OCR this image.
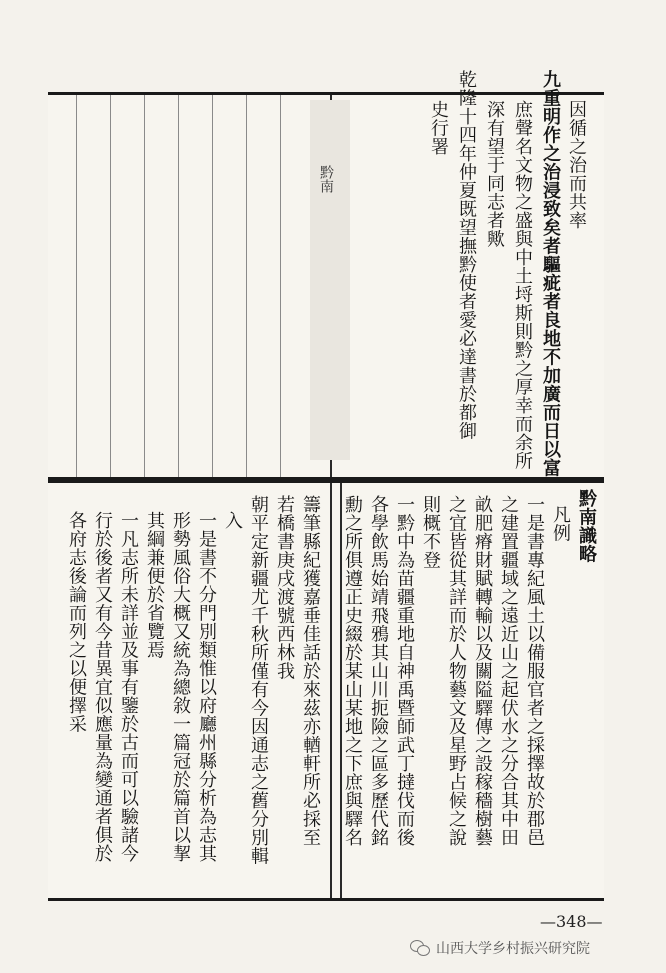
黔南	因循之治而共率
九重明作之治浸致矣者驅疵者良地不加廣而日以富
庶聲名文物之盛與中土埒斯則黔之厚幸而余所
深有望于同志者歟
乾隆十四年仲夏既望撫黔使者愛必達書於都御
史行署
黔南識略
凡例
一是書專紀風土以備服官者之採擇故於郡邑
之建置疆域之遠近山之起伏水之分合其中田
畝肥瘠財賦轉輸以及關隘驛傳之設稼穡樹藝
之宜皆從其詳而於人物藝文及星野占候之說
則概不登
一黔中為苗疆重地自神禹暨師武丁撻伐而後
各學飲馬始靖飛鴉其山川扼險之區多歷代銘
勳之所俱遵正史綴於某山某地之下庶與驛名
籌筆縣紀獲嘉垂佳話於來茲亦輶軒所必採至
若橋書庚戌渡號西林我
朝平定新疆尤千秋所僅有今因通志之舊分別輯
入
一是書不分門別類惟以府廳州縣分析為志其
形勢風俗大概又統為總敘一篇冠於篇首以挈
其綱兼便於省覽焉
一凡志所未詳並及事有鑒於古而可以驗諸今
行於後者又有今昔異宜似應量為變通者俱於
各府志後論而列之以便擇采
—348—
山西大学乡村振兴研究院
